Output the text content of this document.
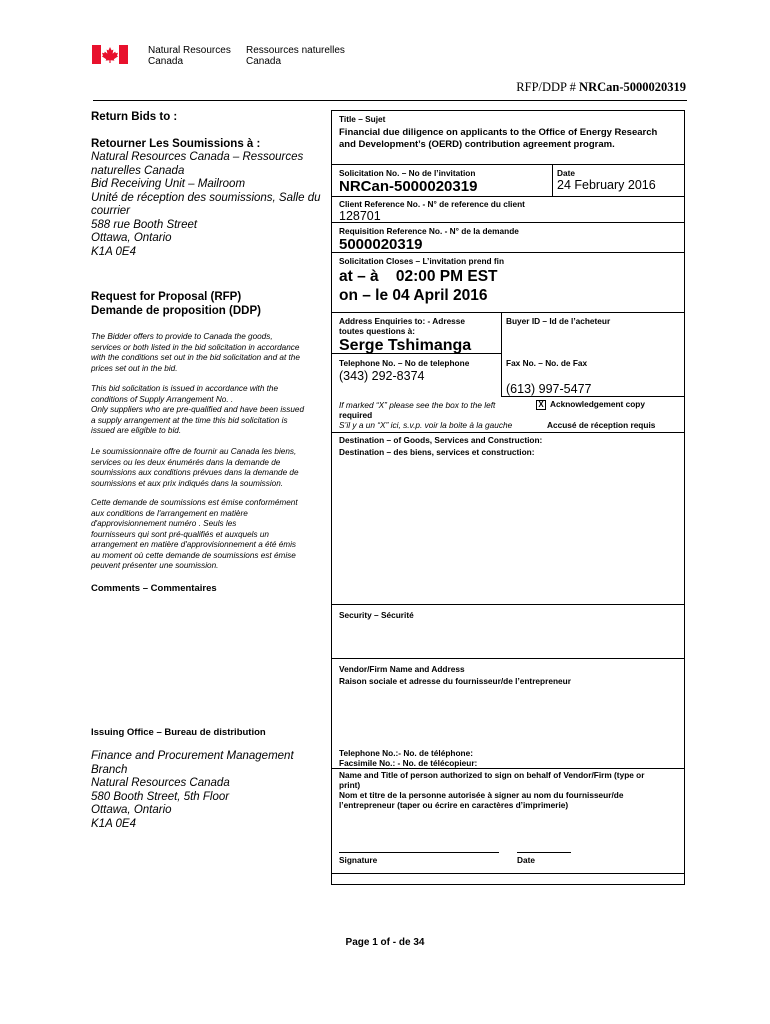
Natural Resources
Canada
Ressources naturelles
Canada
RFP/DDP # NRCan-5000020319
Return Bids to :
Retourner Les Soumissions à :
Natural Resources Canada – Ressources
naturelles Canada
Bid Receiving Unit – Mailroom
Unité de réception des soumissions, Salle du
courrier
588 rue Booth Street
Ottawa, Ontario
K1A 0E4
Request for Proposal (RFP)
Demande de proposition (DDP)
The Bidder offers to provide to Canada the goods,
services or both listed in the bid solicitation in accordance
with the conditions set out in the bid solicitation and at the
prices set out in the bid.
This bid solicitation is issued in accordance with the
conditions of Supply Arrangement No. .
Only suppliers who are pre-qualified and have been issued
a supply arrangement at the time this bid solicitation is
issued are eligible to bid.
Le soumissionnaire offre de fournir au Canada les biens,
services ou les deux énumérés dans la demande de
soumissions aux conditions prévues dans la demande de
soumissions et aux prix indiqués dans la soumission.
Cette demande de soumissions est émise conformément
aux conditions de l'arrangement en matière
d'approvisionnement numéro . Seuls les
fournisseurs qui sont pré-qualifiés et auxquels un
arrangement en matière d'approvisionnement a été émis
au moment où cette demande de soumissions est émise
peuvent présenter une soumission.
Comments – Commentaires
Issuing Office – Bureau de distribution
Finance and Procurement Management
Branch
Natural Resources Canada
580 Booth Street, 5th Floor
Ottawa, Ontario
K1A 0E4
Title – Sujet
Financial due diligence on applicants to the Office of Energy Research
and Development’s (OERD) contribution agreement program.
Solicitation No. – No de l’invitation
NRCan-5000020319
Date
24 February 2016
Client Reference No. - N° de reference du client
128701
Requisition Reference No. - N° de la demande
5000020319
Solicitation Closes – L’invitation prend fin
at – à    02:00 PM EST
on – le 04 April 2016
Address Enquiries to: - Adresse
toutes questions à:
Buyer ID – Id de l’acheteur
Serge Tshimanga
Telephone No. – No de telephone
(343) 292-8374
Fax No. – No. de Fax
(613) 997-5477
If marked “X” please see the box to the left
required
S’il y a un “X” ici, s.v.p. voir la boite à la gauche
X Acknowledgement copy
Accusé de réception requis
Destination – of Goods, Services and Construction:
Destination – des biens, services et construction:
Security – Sécurité
Vendor/Firm Name and Address
Raison sociale et adresse du fournisseur/de l’entrepreneur
Telephone No.:- No. de téléphone:
Facsimile No.: - No. de télécopieur:
Name and Title of person authorized to sign on behalf of Vendor/Firm (type or
print)
Nom et titre de la personne autorisée à signer au nom du fournisseur/de
l’entrepreneur (taper ou écrire en caractères d’imprimerie)
Signature	Date
Page 1 of - de 34
